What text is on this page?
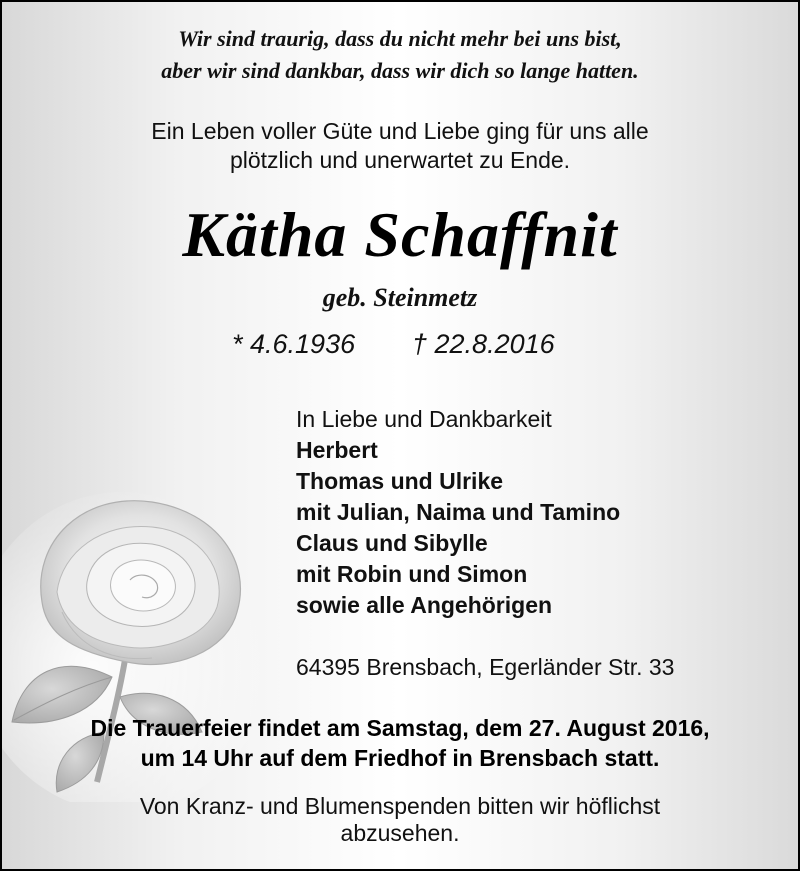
Wir sind traurig, dass du nicht mehr bei uns bist,
aber wir sind dankbar, dass wir dich so lange hatten.
Ein Leben voller Güte und Liebe ging für uns alle
plötzlich und unerwartet zu Ende.
Kätha Schaffnit
geb. Steinmetz
* 4.6.1936 † 22.8.2016
In Liebe und Dankbarkeit
Herbert
Thomas und Ulrike
mit Julian, Naima und Tamino
Claus und Sibylle
mit Robin und Simon
sowie alle Angehörigen
64395 Brensbach, Egerländer Str. 33
Die Trauerfeier findet am Samstag, dem 27. August 2016,
um 14 Uhr auf dem Friedhof in Brensbach statt.
Von Kranz- und Blumenspenden bitten wir höflichst
abzusehen.
